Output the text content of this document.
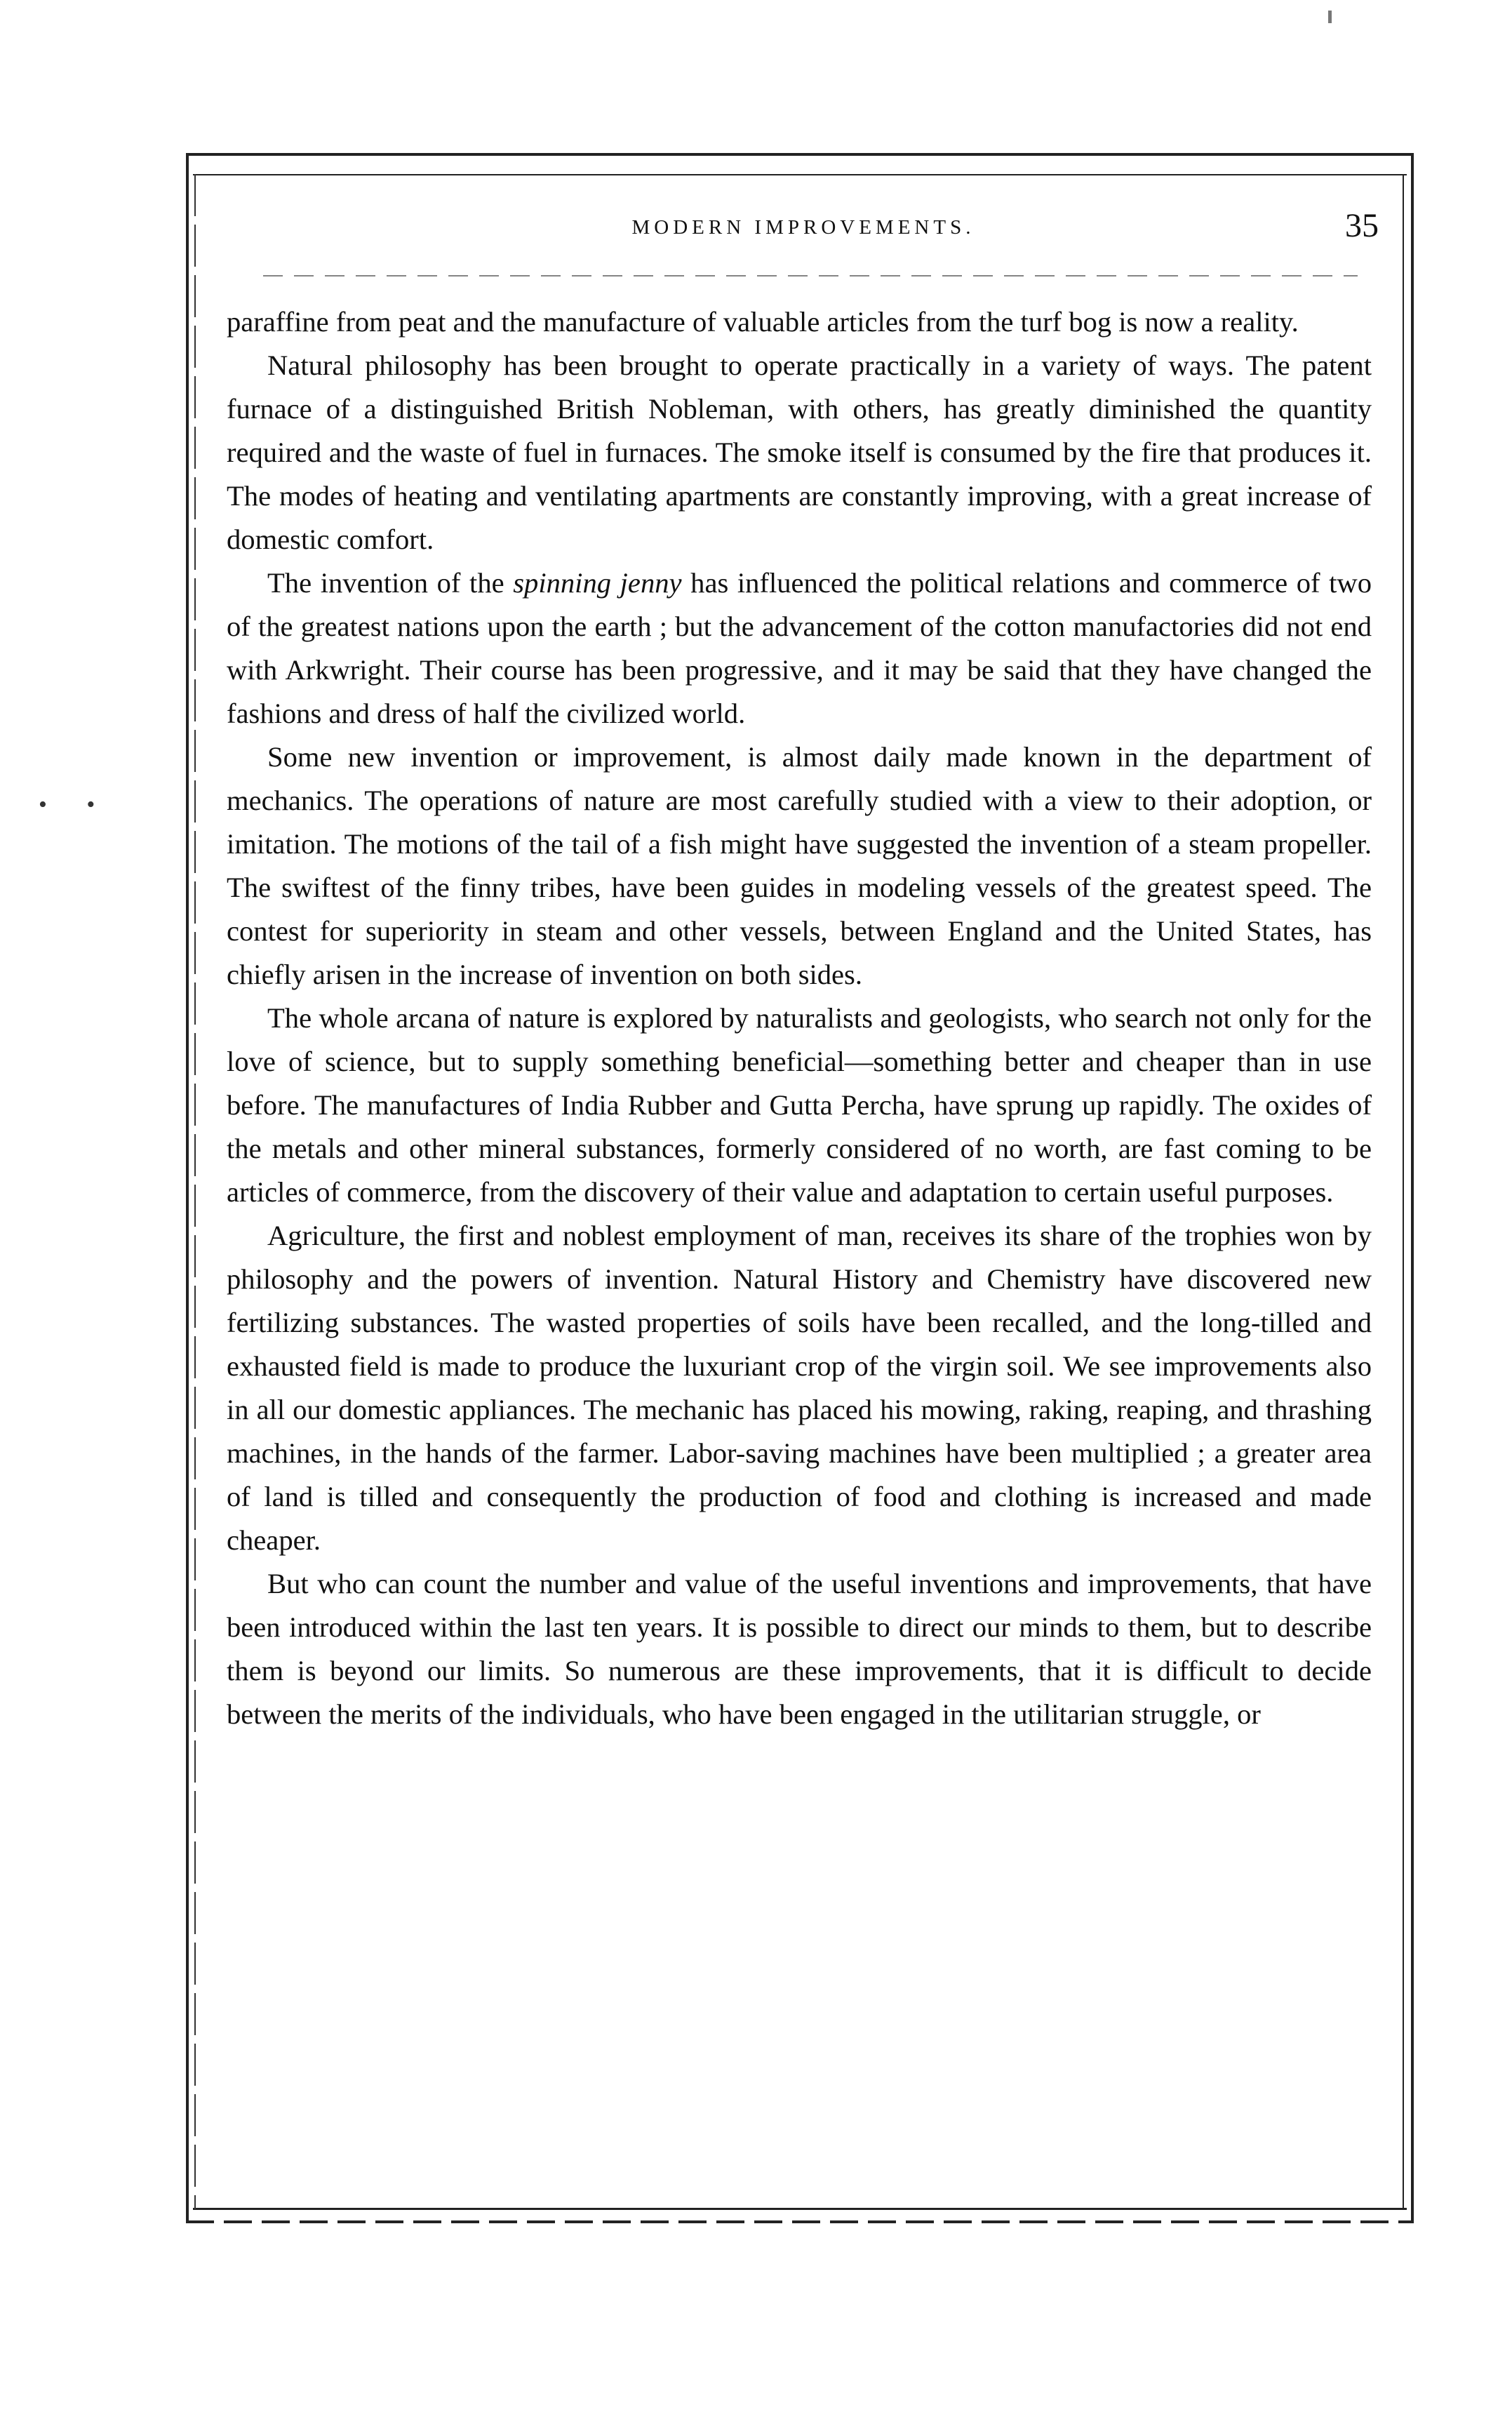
MODERN IMPROVEMENTS.	35

paraffine from peat and the manufacture of valuable articles from the turf bog is now a reality.

Natural philosophy has been brought to operate practically in a variety of ways. The patent furnace of a distinguished British Nobleman, with others, has greatly diminished the quantity required and the waste of fuel in furnaces. The smoke itself is consumed by the fire that produces it. The modes of heating and ventilating apartments are constantly improving, with a great increase of domestic comfort.

The invention of the spinning jenny has influenced the political relations and commerce of two of the greatest nations upon the earth ; but the advancement of the cotton manufactories did not end with Arkwright. Their course has been progressive, and it may be said that they have changed the fashions and dress of half the civilized world.

Some new invention or improvement, is almost daily made known in the department of mechanics. The operations of nature are most carefully studied with a view to their adoption, or imitation. The motions of the tail of a fish might have suggested the invention of a steam propeller. The swiftest of the finny tribes, have been guides in modeling vessels of the greatest speed. The contest for superiority in steam and other vessels, between England and the United States, has chiefly arisen in the increase of invention on both sides.

The whole arcana of nature is explored by naturalists and geologists, who search not only for the love of science, but to supply something beneficial—something better and cheaper than in use before. The manufactures of India Rubber and Gutta Percha, have sprung up rapidly. The oxides of the metals and other mineral substances, formerly considered of no worth, are fast coming to be articles of commerce, from the discovery of their value and adaptation to certain useful purposes.

Agriculture, the first and noblest employment of man, receives its share of the trophies won by philosophy and the powers of invention. Natural History and Chemistry have discovered new fertilizing substances. The wasted properties of soils have been recalled, and the long-tilled and exhausted field is made to produce the luxuriant crop of the virgin soil. We see improvements also in all our domestic appliances. The mechanic has placed his mowing, raking, reaping, and thrashing machines, in the hands of the farmer. Labor-saving machines have been multiplied ; a greater area of land is tilled and consequently the production of food and clothing is increased and made cheaper.

But who can count the number and value of the useful inventions and improvements, that have been introduced within the last ten years. It is possible to direct our minds to them, but to describe them is beyond our limits. So numerous are these improvements, that it is difficult to decide between the merits of the individuals, who have been engaged in the utilitarian struggle, or

• •
